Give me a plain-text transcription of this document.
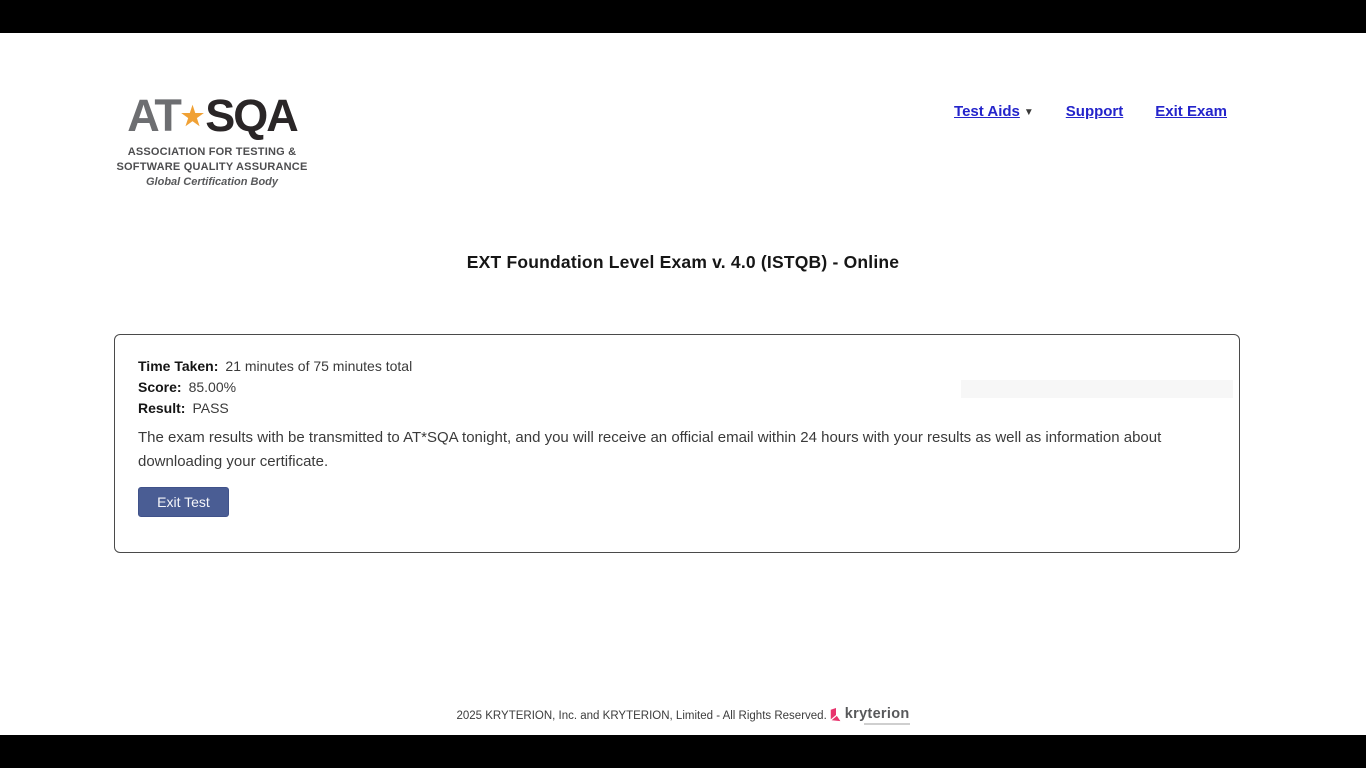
AT★SQA
ASSOCIATION FOR TESTING &
SOFTWARE QUALITY ASSURANCE
Global Certification Body
Test Aids ▼ Support Exit Exam
EXT Foundation Level Exam v. 4.0 (ISTQB) - Online
Time Taken: 21 minutes of 75 minutes total
Score: 85.00%
Result: PASS
The exam results with be transmitted to AT*SQA tonight, and you will receive an official email within 24 hours with your results as well as information about downloading your certificate.
Exit Test
2025 KRYTERION, Inc. and KRYTERION, Limited - All Rights Reserved. kryterion
